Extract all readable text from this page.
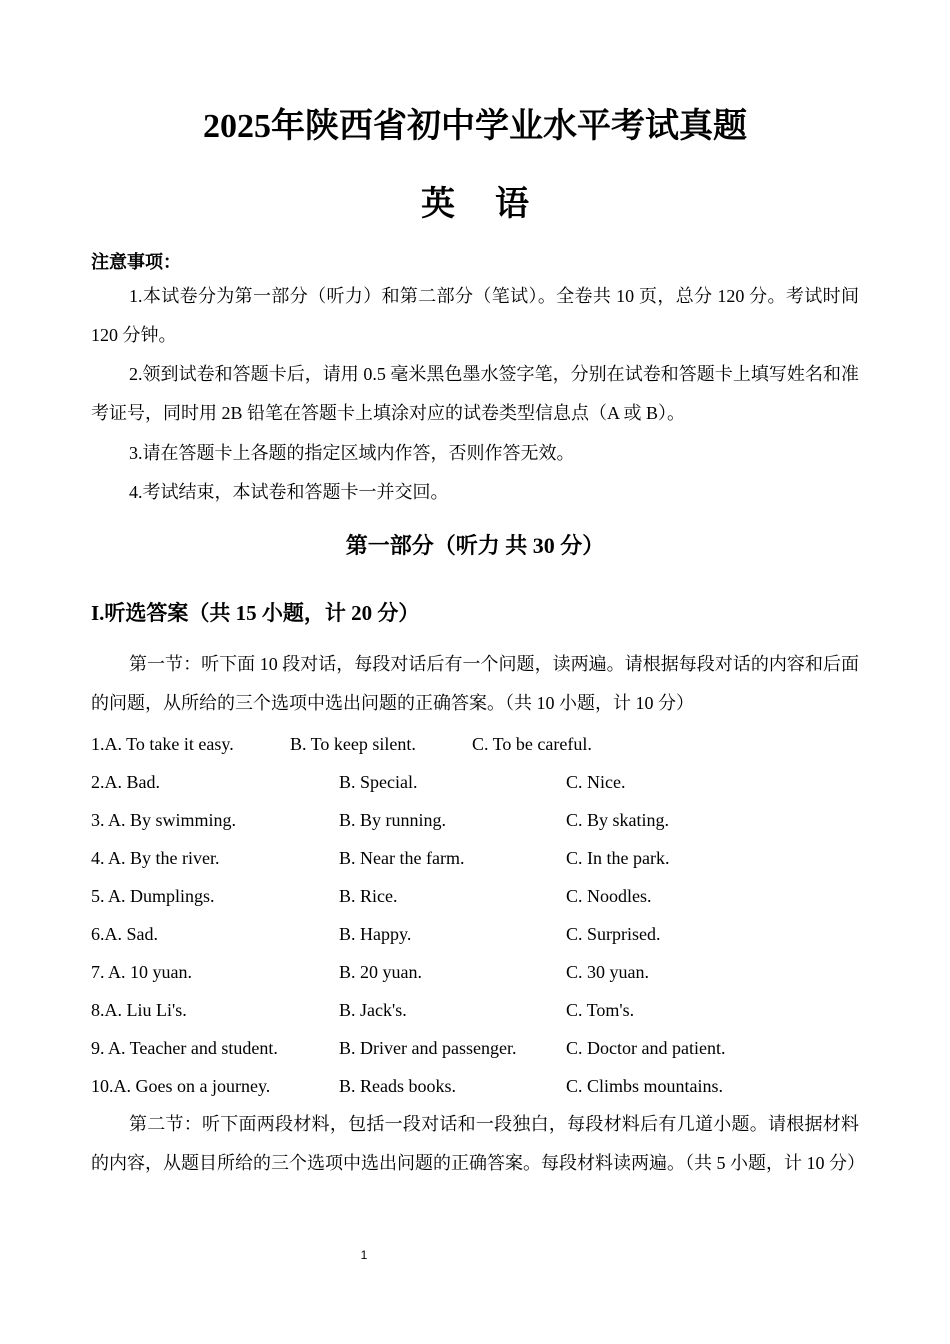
2025年陕西省初中学业水平考试真题
英语
注意事项：

1.本试卷分为第一部分（听力）和第二部分（笔试）。全卷共 10 页，总分 120 分。考试时间 120 分钟。

2.领到试卷和答题卡后，请用 0.5 毫米黑色墨水签字笔，分别在试卷和答题卡上填写姓名和准考证号，同时用 2B 铅笔在答题卡上填涂对应的试卷类型信息点（A 或 B）。

3.请在答题卡上各题的指定区域内作答，否则作答无效。

4.考试结束，本试卷和答题卡一并交回。

第一部分（听力 共 30 分）
I.听选答案（共 15 小题，计 20 分）

第一节：听下面 10 段对话，每段对话后有一个问题，读两遍。请根据每段对话的内容和后面的问题，从所给的三个选项中选出问题的正确答案。（共 10 小题，计 10 分）

1.A. To take it easy.	B. To keep silent.	C. To be careful.
2.A. Bad.	B. Special.	C. Nice.
3. A. By swimming.	B. By running.	C. By skating.
4. A. By the river.	B. Near the farm.	C. In the park.
5. A. Dumplings.	B. Rice.	C. Noodles.
6.A. Sad.	B. Happy.	C. Surprised.
7. A. 10 yuan.	B. 20 yuan.	C. 30 yuan.
8.A. Liu Li's.	B. Jack's.	C. Tom's.
9. A. Teacher and student.	B. Driver and passenger.	C. Doctor and patient.
10.A. Goes on a journey.	B. Reads books.	C. Climbs mountains.

第二节：听下面两段材料，包括一段对话和一段独白，每段材料后有几道小题。请根据材料的内容，从题目所给的三个选项中选出问题的正确答案。每段材料读两遍。（共 5 小题，计 10 分）

1
